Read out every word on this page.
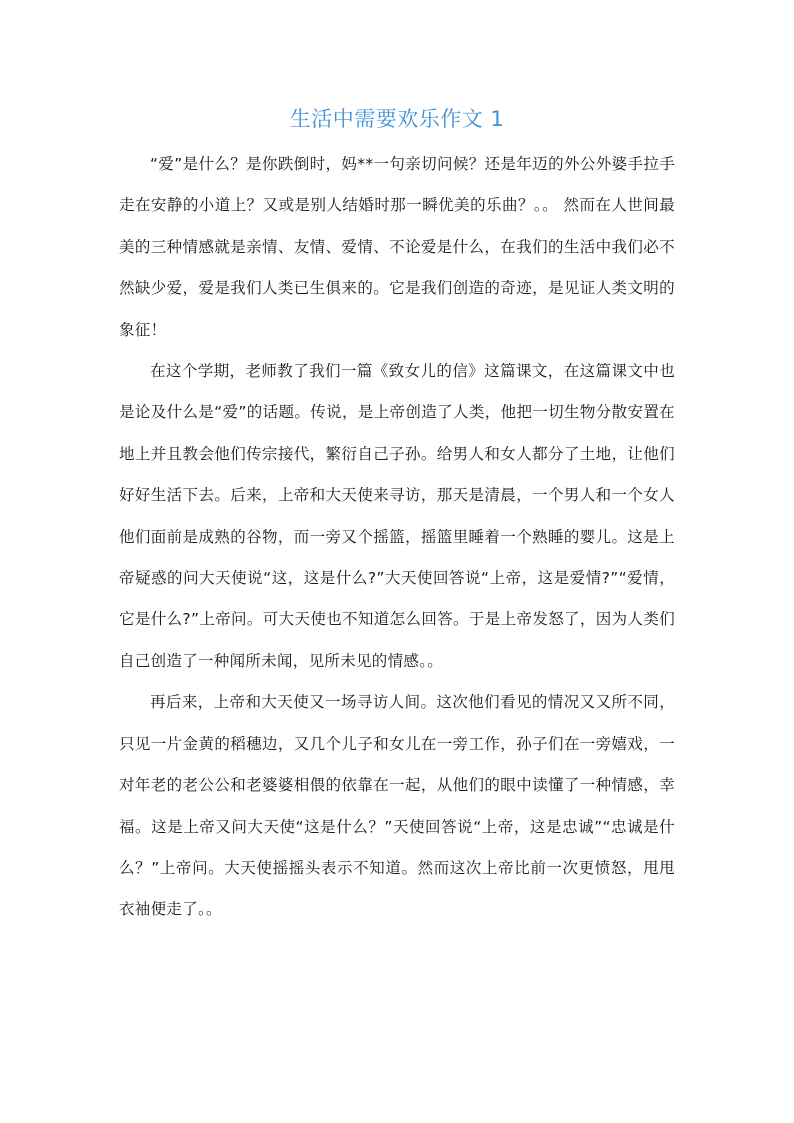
生活中需要欢乐作文 1

“爱”是什么？是你跌倒时，妈**一句亲切问候？还是年迈的外公外婆手拉手走在安静的小道上？又或是别人结婚时那一瞬优美的乐曲？。。 然而在人世间最美的三种情感就是亲情、友情、爱情、不论爱是什么，在我们的生活中我们必不然缺少爱，爱是我们人类已生俱来的。它是我们创造的奇迹，是见证人类文明的象征！

在这个学期，老师教了我们一篇《致女儿的信》这篇课文，在这篇课文中也是论及什么是“爱”的话题。传说，是上帝创造了人类，他把一切生物分散安置在地上并且教会他们传宗接代，繁衍自己子孙。给男人和女人都分了土地，让他们好好生活下去。后来，上帝和大天使来寻访，那天是清晨，一个男人和一个女人他们面前是成熟的谷物，而一旁又个摇篮，摇篮里睡着一个熟睡的婴儿。这是上帝疑惑的问大天使说“这，这是什么?”大天使回答说“上帝，这是爱情?”“爱情，它是什么?”上帝问。可大天使也不知道怎么回答。于是上帝发怒了，因为人类们自己创造了一种闻所未闻，见所未见的情感。。

再后来，上帝和大天使又一场寻访人间。这次他们看见的情况又又所不同，只见一片金黄的稻穗边，又几个儿子和女儿在一旁工作，孙子们在一旁嬉戏，一对年老的老公公和老婆婆相偎的依靠在一起，从他们的眼中读懂了一种情感，幸福。这是上帝又问大天使“这是什么？”天使回答说“上帝，这是忠诚”“忠诚是什么？”上帝问。大天使摇摇头表示不知道。然而这次上帝比前一次更愤怒，甩甩衣袖便走了。。
